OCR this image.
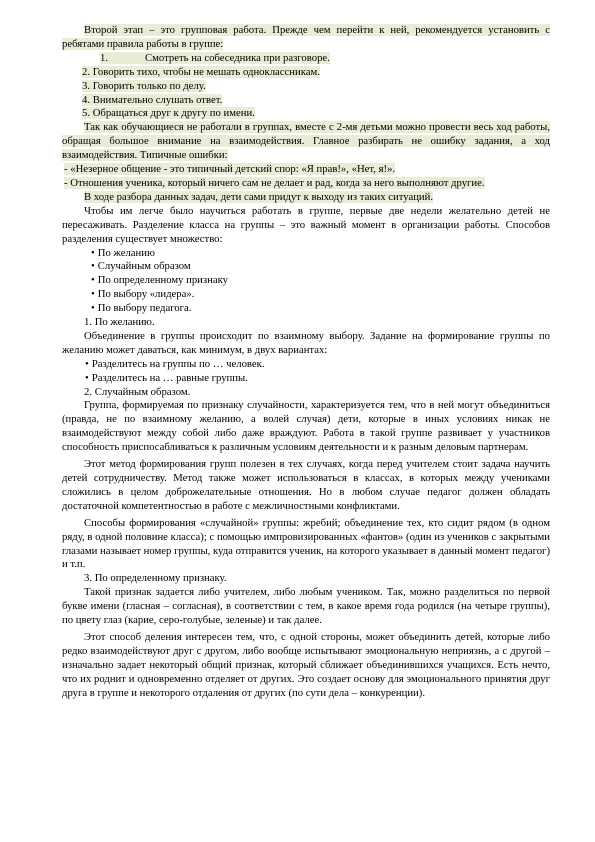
Второй этап – это групповая работа. Прежде чем перейти к ней, рекомендуется установить с ребятами правила работы в группе:

1.	Смотреть на собеседника при разговоре.

2. Говорить тихо, чтобы не мешать одноклассникам.

3. Говорить только по делу.

4. Внимательно слушать ответ.

5. Обращаться друг к другу по имени.

Так как обучающиеся не работали в группах, вместе с 2-мя детьми можно провести весь ход работы, обращая большое внимание на взаимодействия. Главное разбирать не ошибку задания, а ход взаимодействия. Типичные ошибки:

- «Незерное общение - это типичный детский спор: «Я прав!», «Нет, я!».

- Отношения ученика, который ничего сам не делает и рад, когда за него выполняют другие.

В ходе разбора данных задач, дети сами придут к выходу из таких ситуаций.

Чтобы им легче было научиться работать в группе, первые две недели желательно детей не пересаживать. Разделение класса на группы – это важный момент в организации работы. Способов разделения существует множество:

• По желанию

• Случайным образом

• По определенному признаку

• По выбору «лидера».

• По выбору педагога.

1. По желанию.

Объединение в группы происходит по взаимному выбору. Задание на формирование группы по желанию может даваться, как минимум, в двух вариантах:

• Разделитесь на группы по … человек.

• Разделитесь на … равные группы.

2. Случайным образом.

Группа, формируемая по признаку случайности, характеризуется тем, что в ней могут объединиться (правда, не по взаимному желанию, а волей случая) дети, которые в иных условиях никак не взаимодействуют между собой либо даже враждуют. Работа в такой группе развивает у участников способность приспосабливаться к различным условиям деятельности и к разным деловым партнерам.

Этот метод формирования групп полезен в тех случаях, когда перед учителем стоит задача научить детей сотрудничеству. Метод также может использоваться в классах, в которых между учениками сложились в целом доброжелательные отношения. Но в любом случае педагог должен обладать достаточной компетентностью в работе с межличностными конфликтами.

Способы формирования «случайной» группы: жребий; объединение тех, кто сидит рядом (в одном ряду, в одной половине класса); с помощью импровизированных «фантов» (один из учеников с закрытыми глазами называет номер группы, куда отправится ученик, на которого указывает в данный момент педагог) и т.п.

3. По определенному признаку.

Такой признак задается либо учителем, либо любым учеником. Так, можно разделиться по первой букве имени (гласная – согласная), в соответствии с тем, в какое время года родился (на четыре группы), по цвету глаз (карие, серо-голубые, зеленые) и так далее.

Этот способ деления интересен тем, что, с одной стороны, может объединить детей, которые либо редко взаимодействуют друг с другом, либо вообще испытывают эмоциональную неприязнь, а с другой – изначально задает некоторый общий признак, который сближает объединившихся учащихся. Есть нечто, что их роднит и одновременно отделяет от других. Это создает основу для эмоционального принятия друг друга в группе и некоторого отдаления от других (по сути дела – конкуренции).
